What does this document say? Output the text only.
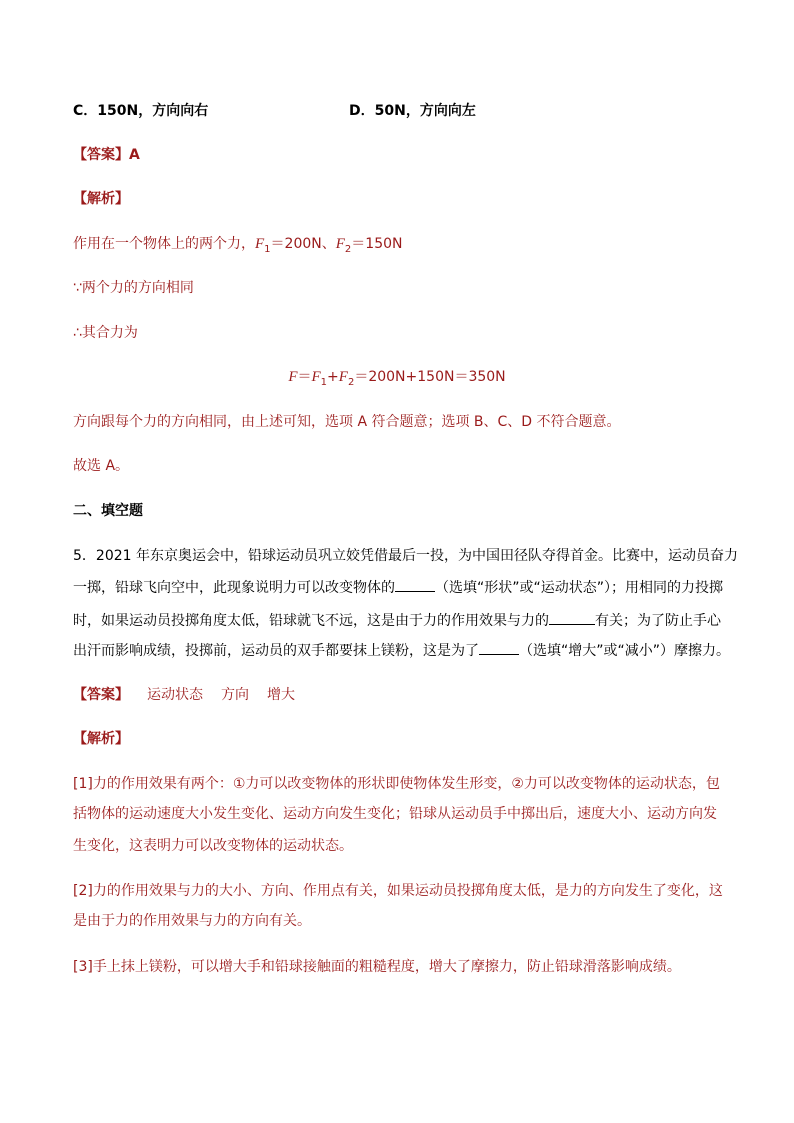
C．150N，方向向右	D．50N，方向向左
【答案】A
【解析】
作用在一个物体上的两个力，$F_1=200N$、$F_2=150N$
∵两个力的方向相同
∴其合力为
$F=F_1+F_2=200N+150N=350N$
方向跟每个力的方向相同，由上述可知，选项 A 符合题意；选项 B、C、D 不符合题意。
故选 A。
二、填空题
5．2021 年东京奥运会中，铅球运动员巩立姣凭借最后一投，为中国田径队夺得首金。比赛中，运动员奋力
一掷，铅球飞向空中，此现象说明力可以改变物体的	（选填“形状”或“运动状态”）；用相同的力投掷
时，如果运动员投掷角度太低，铅球就飞不远，这是由于力的作用效果与力的	有关；为了防止手心
出汗而影响成绩，投掷前，运动员的双手都要抹上镁粉，这是为了	（选填“增大”或“减小”）摩擦力。
【答案】 运动状态 方向 增大
【解析】
[1]力的作用效果有两个：①力可以改变物体的形状即使物体发生形变，②力可以改变物体的运动状态，包
括物体的运动速度大小发生变化、运动方向发生变化；铅球从运动员手中掷出后，速度大小、运动方向发
生变化，这表明力可以改变物体的运动状态。
[2]力的作用效果与力的大小、方向、作用点有关，如果运动员投掷角度太低，是力的方向发生了变化，这
是由于力的作用效果与力的方向有关。
[3]手上抹上镁粉，可以增大手和铅球接触面的粗糙程度，增大了摩擦力，防止铅球滑落影响成绩。
